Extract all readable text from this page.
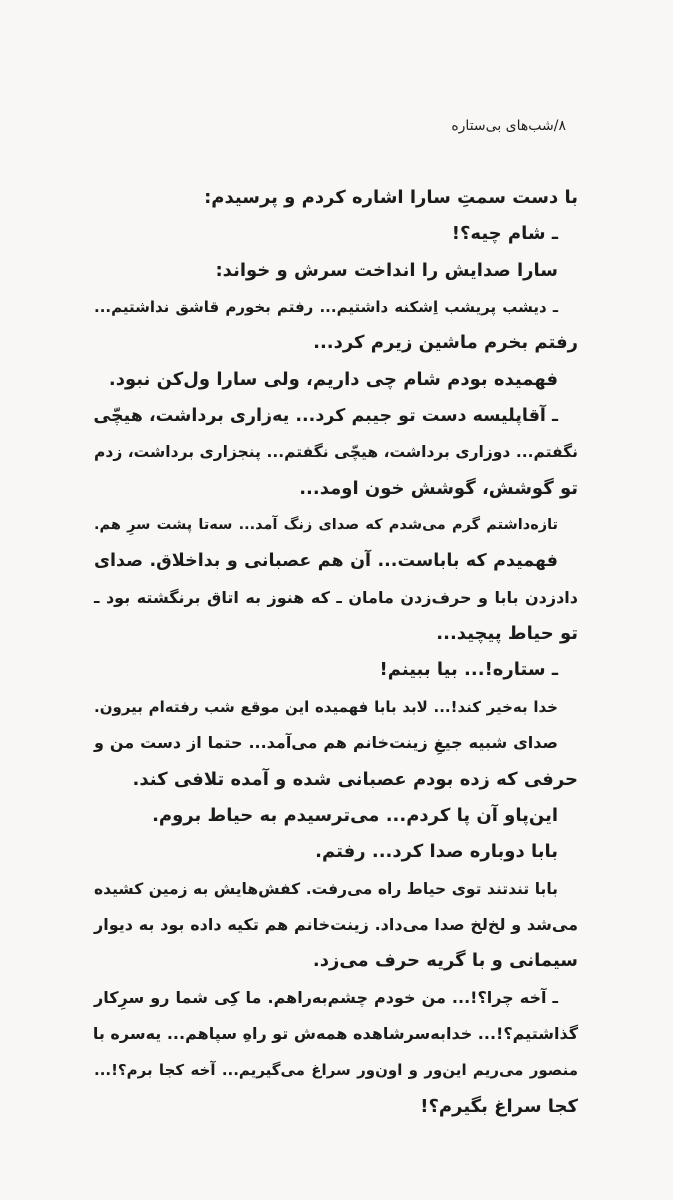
۸/شب‌های بی‌ستاره
با دست سمتِ سارا اشاره کردم و پرسیدم:
ـ شام چیه؟!
سارا صدایش را انداخت سرش و خواند:
ـ دیشب پریشب اِشکنه داشتیم... رفتم بخورم قاشق نداشتیم...
رفتم بخرم ماشین زیرم کرد...
فهمیده بودم شام چی داریم، ولی سارا ول‌کن نبود.
ـ آقاپلیسه دست تو جیبم کرد... یه‌زاری برداشت، هیچّی
نگفتم... دوزاری برداشت، هیچّی نگفتم... پنجزاری برداشت، زدم
تو گوشش، گوشش خون اومد...
تازه‌داشتم گرم می‌شدم که صدای زنگ آمد... سه‌تا پشت سرِ هم.
فهمیدم که باباست... آن هم عصبانی و بداخلاق. صدای
دادزدن بابا و حرف‌زدن مامان ـ که هنوز به اتاق برنگشته بود ـ
تو حیاط پیچید...
ـ ستاره!... بیا ببینم!
خدا به‌خیر کند!... لابد بابا فهمیده این موقع شب رفته‌ام بیرون.
صدای شبیه جیغِ زینت‌خانم هم می‌آمد... حتما از دست من و
حرفی که زده بودم عصبانی شده و آمده تلافی کند.
این‌پاو آن پا کردم... می‌ترسیدم به حیاط بروم.
بابا دوباره صدا کرد... رفتم.
بابا تندتند توی حیاط راه می‌رفت. کفش‌هایش به زمین کشیده
می‌شد و لخ‌لخ صدا می‌داد. زینت‌خانم هم تکیه داده بود به دیوار
سیمانی و با گریه حرف می‌زد.
ـ آخه چرا؟!... من خودم چشم‌به‌راهم. ما کِی شما رو سرِکار
گذاشتیم؟!... خدابه‌سرشاهده همه‌ش تو راهِ سپاهم... یه‌سره با
منصور می‌ریم این‌ور و اون‌ور سراغ می‌گیریم... آخه کجا برم؟!...
کجا سراغ بگیرم؟!
